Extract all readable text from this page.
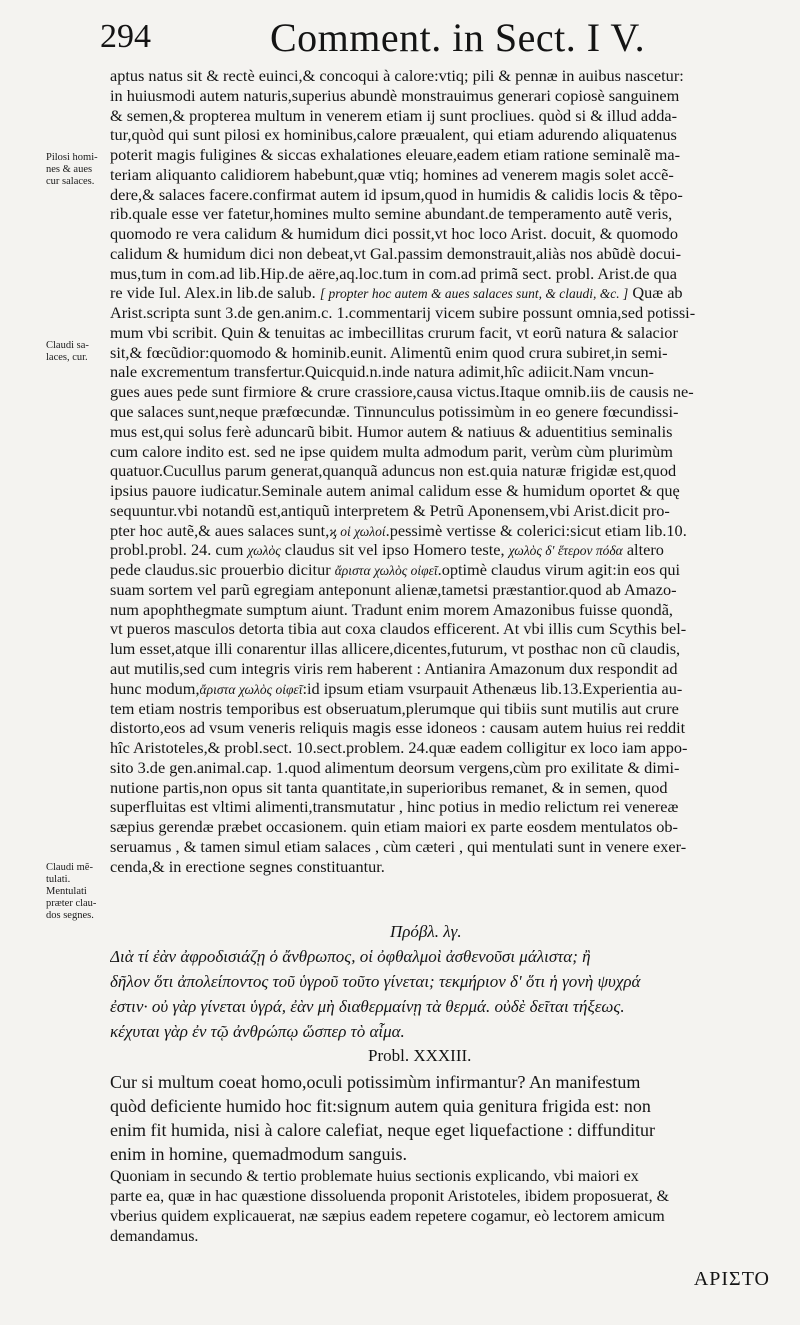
294	Comment. in Sect. I V.
aptus natus sit & rectè euinci,& concoqui à calore:vtiq; pili & pennæ in auibus nascetur:
in huiusmodi autem naturis,superius abundè monstrauimus generari copiosè sanguinem
& semen,& propterea multum in venerem etiam ij sunt procliues. quòd si & illud adda-
tur,quòd qui sunt pilosi ex hominibus,calore præualent, qui etiam adurendo aliquatenus
poterit magis fuligines & siccas exhalationes eleuare,eadem etiam ratione seminalẽ ma-
teriam aliquanto calidiorem habebunt,quæ vtiq; homines ad venerem magis solet accẽ-
dere,& salaces facere.confirmat autem id ipsum,quod in humidis & calidis locis & tẽpo-
rib.quale esse ver fatetur,homines multo semine abundant.de temperamento autẽ veris,
quomodo re vera calidum & humidum dici possit,vt hoc loco Arist. docuit, & quomodo
calidum & humidum dici non debeat,vt Gal.passim demonstrauit,aliàs nos abũdè docui-
mus,tum in com.ad lib.Hip.de aëre,aq.loc.tum in com.ad primã sect. probl. Arist.de qua
re vide Iul. Alex.in lib.de salub. [ propter hoc autem & aues salaces sunt, & claudi, &c. ] Quæ ab
Arist.scripta sunt 3.de gen.anim.c. 1.commentarij vicem subire possunt omnia,sed potissi-
mum vbi scribit. Quin & tenuitas ac imbecillitas crurum facit, vt eorũ natura & salacior
sit,& fœcũdior:quomodo & hominib.eunit. Alimentũ enim quod crura subiret,in semi-
nale excrementum transfertur.Quicquid.n.inde natura adimit,hîc adiicit.Nam vncun-
gues aues pede sunt firmiore & crure crassiore,causa victus.Itaque omnib.iis de causis ne-
que salaces sunt,neque præfœcundæ. Tinnunculus potissimùm in eo genere fœcundissi-
mus est,qui solus ferè aduncarũ bibit. Humor autem & natiuus & aduentitius seminalis
cum calore indito est. sed ne ipse quidem multa admodum parit, verùm cùm plurimùm
quatuor.Cucullus parum generat,quanquã aduncus non est.quia naturæ frigidæ est,quod
ipsius pauore iudicatur.Seminale autem animal calidum esse & humidum oportet & quę
sequuntur.vbi notandũ est,antiquũ interpretem & Petrũ Aponensem,vbi Arist.dicit pro-
pter hoc autẽ,& aues salaces sunt,ϗ οἱ χωλοί.pessimè vertisse & colerici:sicut etiam lib.10.
probl.probl. 24. cum χωλὸς claudus sit vel ipso Homero teste, χωλὸς δ' ἕτερον πόδα altero
pede claudus.sic prouerbio dicitur ἄριστα χωλὸς οἰφεῖ.optimè claudus virum agit:in eos qui
suam sortem vel parũ egregiam anteponunt alienæ,tametsi præstantior.quod ab Amazo-
num apophthegmate sumptum aiunt. Tradunt enim morem Amazonibus fuisse quondã,
vt pueros masculos detorta tibia aut coxa claudos efficerent. At vbi illis cum Scythis bel-
lum esset,atque illi conarentur illas allicere,dicentes,futurum, vt posthac non cũ claudis,
aut mutilis,sed cum integris viris rem haberent : Antianira Amazonum dux respondit ad
hunc modum,ἄριστα χωλὸς οἰφεῖ:id ipsum etiam vsurpauit Athenæus lib.13.Experientia au-
tem etiam nostris temporibus est obseruatum,plerumque qui tibiis sunt mutilis aut crure
distorto,eos ad vsum veneris reliquis magis esse idoneos : causam autem huius rei reddit
hîc Aristoteles,& probl.sect. 10.sect.problem. 24.quæ eadem colligitur ex loco iam appo-
sito 3.de gen.animal.cap. 1.quod alimentum deorsum vergens,cùm pro exilitate & dimi-
nutione partis,non opus sit tanta quantitate,in superioribus remanet, & in semen, quod
superfluitas est vltimi alimenti,transmutatur , hinc potius in medio relictum rei venereæ
sæpius gerendæ præbet occasionem. quin etiam maiori ex parte eosdem mentulatos ob-
seruamus , & tamen simul etiam salaces , cùm cæteri , qui mentulati sunt in venere exer-
cenda,& in erectione segnes constituantur.
Pilosi homi-
nes & aues
cur salaces.
Claudi sa-
laces, cur.
Claudi mẽ-
tulati.
Mentulati
præter clau-
dos segnes.
Πρόβλ. λγ.
Διὰ τί ἐὰν ἀφροδισιάζῃ ὁ ἄνθρωπος, οἱ ὀφθαλμοὶ ἀσθενοῦσι μάλιστα; ἢ
δῆλον ὅτι ἀπολείποντος τοῦ ὑγροῦ τοῦτο γίνεται; τεκμήριον δ' ὅτι ἡ γονὴ ψυχρά
ἐστιν· οὐ γὰρ γίνεται ὑγρά, ἐὰν μὴ διαθερμαίνῃ τὰ θερμά. οὐδὲ δεῖται τήξεως.
κέχυται γὰρ ἐν τῷ ἀνθρώπῳ ὥσπερ τὸ αἷμα.
Probl. XXXIII.
Cur si multum coeat homo,oculi potissimùm infirmantur? An manifestum
quòd deficiente humido hoc fit:signum autem quia genitura frigida est: non
enim fit humida, nisi à calore calefiat, neque eget liquefactione : diffunditur
enim in homine, quemadmodum sanguis.
Quoniam in secundo & tertio problemate huius sectionis explicando, vbi maiori ex
parte ea, quæ in hac quæstione dissoluenda proponit Aristoteles, ibidem proposuerat, &
vberius quidem explicauerat, næ sæpius eadem repetere cogamur, eò lectorem amicum
demandamus.
ΑΡΙΣΤΟ
